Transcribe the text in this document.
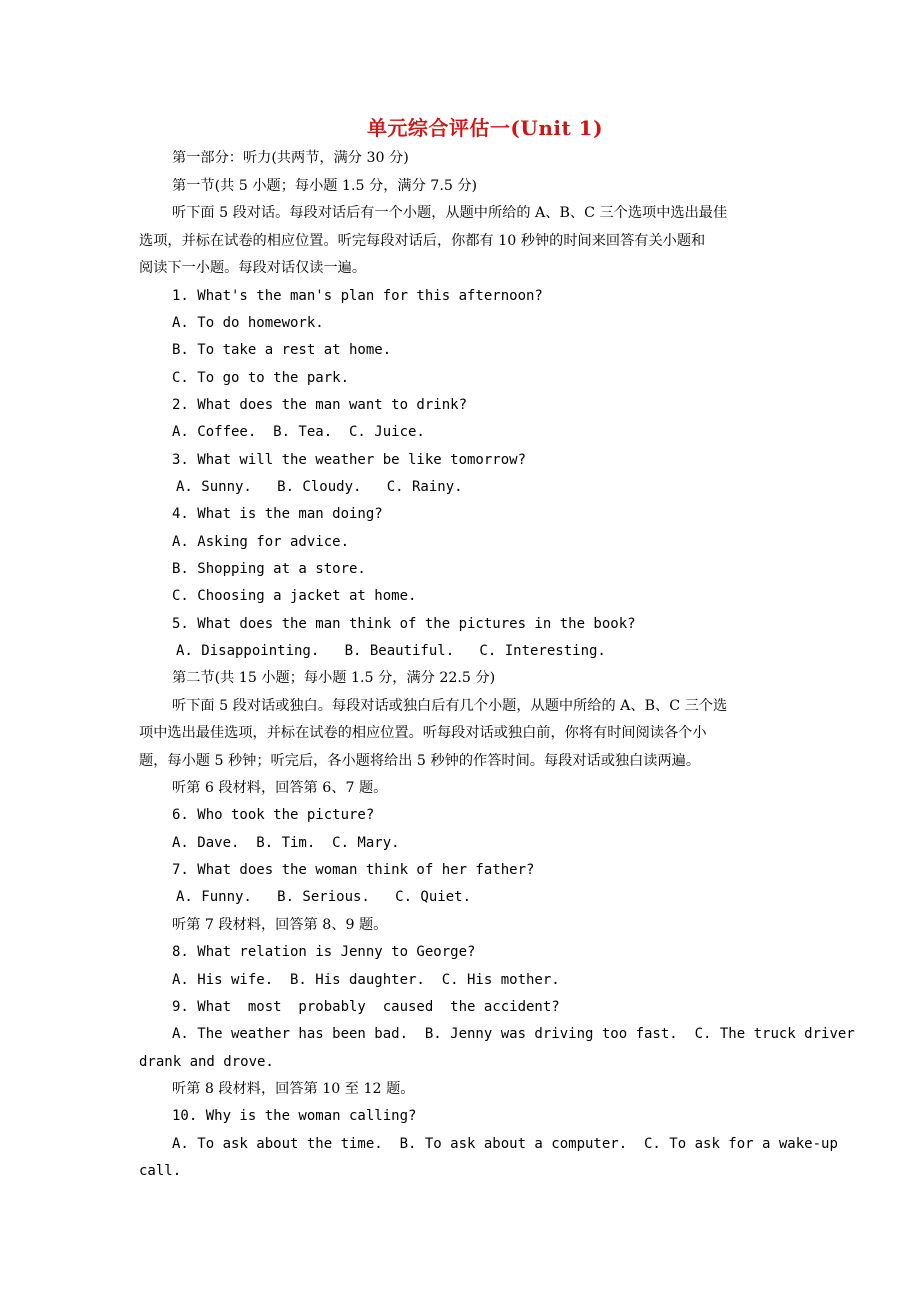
单元综合评估一(Unit 1)
第一部分：听力(共两节，满分 30 分)
第一节(共 5 小题；每小题 1.5 分，满分 7.5 分)
听下面 5 段对话。每段对话后有一个小题，从题中所给的 A、B、C 三个选项中选出最佳
选项，并标在试卷的相应位置。听完每段对话后，你都有 10 秒钟的时间来回答有关小题和
阅读下一小题。每段对话仅读一遍。
1. What's the man's plan for this afternoon?
A. To do homework.
B. To take a rest at home.
C. To go to the park.
2. What does the man want to drink?
A. Coffee.  B. Tea.  C. Juice.
3. What will the weather be like tomorrow?
A. Sunny.   B. Cloudy.   C. Rainy.
4. What is the man doing?
A. Asking for advice.
B. Shopping at a store.
C. Choosing a jacket at home.
5. What does the man think of the pictures in the book?
A. Disappointing.   B. Beautiful.   C. Interesting.
第二节(共 15 小题；每小题 1.5 分，满分 22.5 分)
听下面 5 段对话或独白。每段对话或独白后有几个小题，从题中所给的 A、B、C 三个选
项中选出最佳选项，并标在试卷的相应位置。听每段对话或独白前，你将有时间阅读各个小
题，每小题 5 秒钟；听完后，各小题将给出 5 秒钟的作答时间。每段对话或独白读两遍。
听第 6 段材料，回答第 6、7 题。
6. Who took the picture?
A. Dave.  B. Tim.  C. Mary.
7. What does the woman think of her father?
A. Funny.   B. Serious.   C. Quiet.
听第 7 段材料，回答第 8、9 题。
8. What relation is Jenny to George?
A. His wife.  B. His daughter.  C. His mother.
9. What  most  probably  caused  the accident?
A. The weather has been bad.  B. Jenny was driving too fast.  C. The truck driver
drank and drove.
听第 8 段材料，回答第 10 至 12 题。
10. Why is the woman calling?
A. To ask about the time.  B. To ask about a computer.  C. To ask for a wake-up
call.
